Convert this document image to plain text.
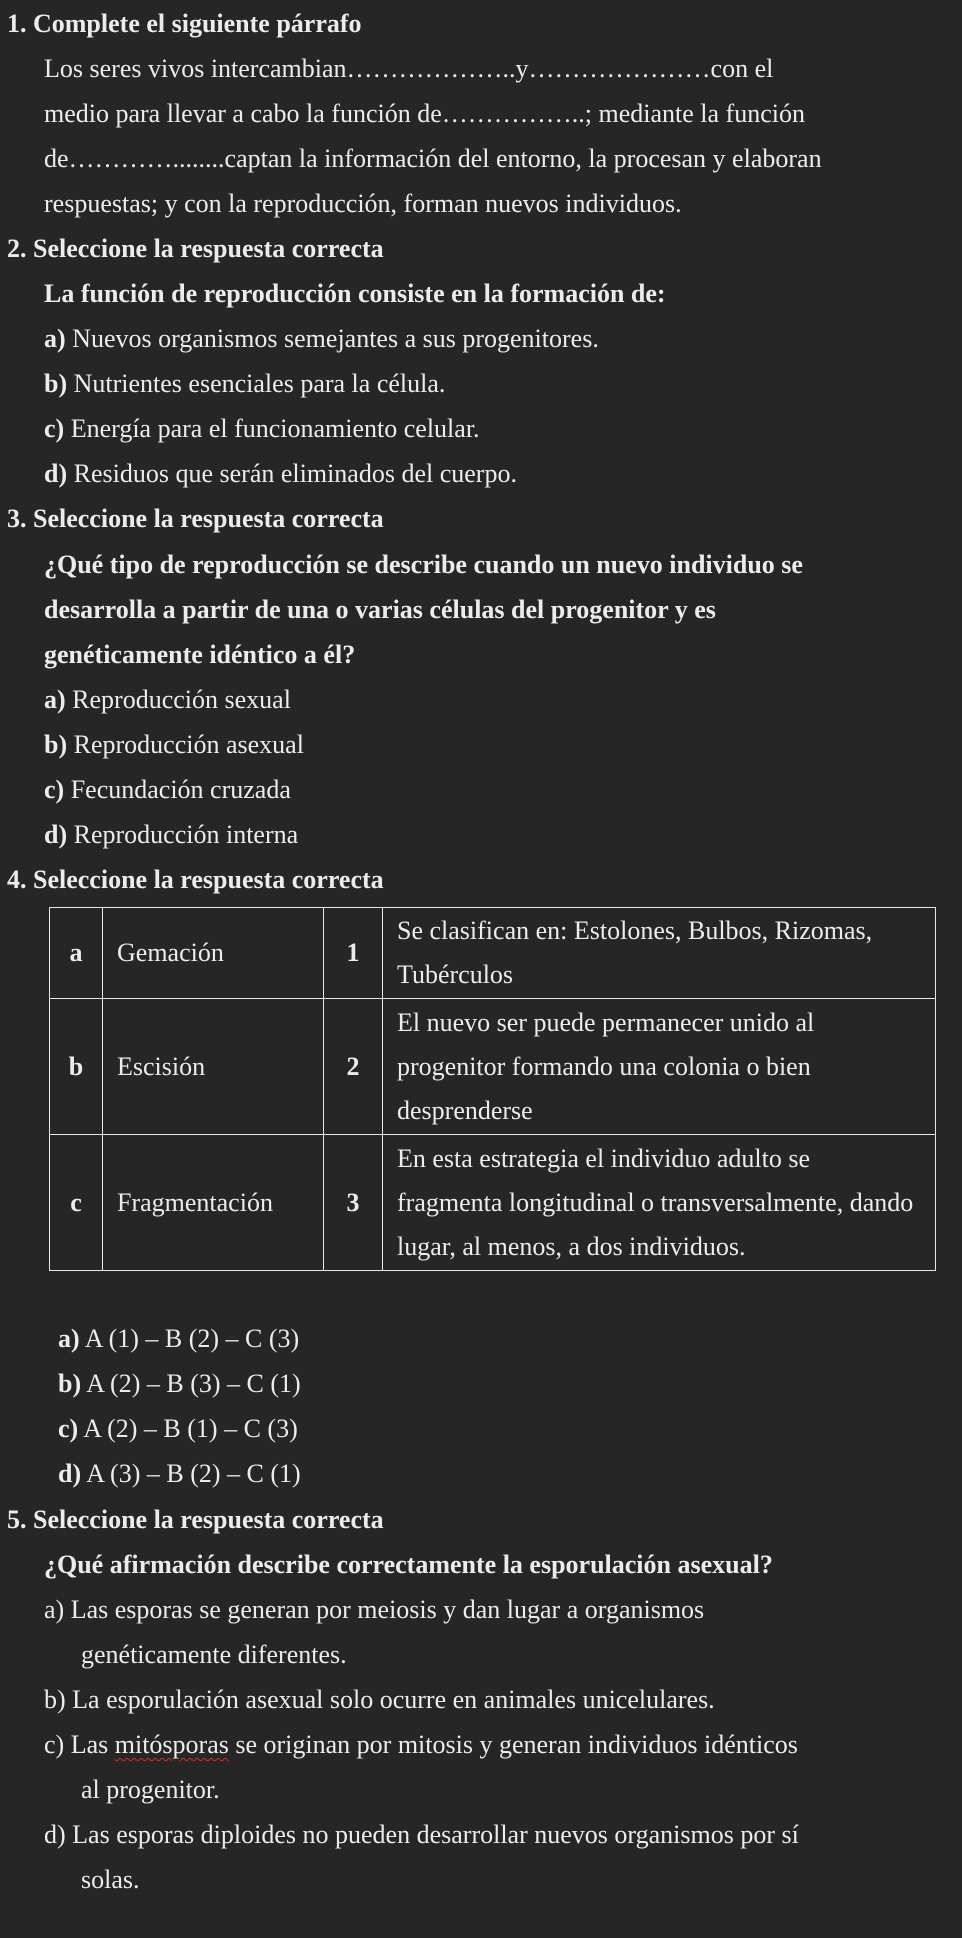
1. Complete el siguiente párrafo
Los seres vivos intercambian………………..y…………………con el
medio para llevar a cabo la función de……………..; mediante la función
de…………........captan la información del entorno, la procesan y elaboran
respuestas; y con la reproducción, forman nuevos individuos.
2. Seleccione la respuesta correcta
La función de reproducción consiste en la formación de:
a) Nuevos organismos semejantes a sus progenitores.
b) Nutrientes esenciales para la célula.
c) Energía para el funcionamiento celular.
d) Residuos que serán eliminados del cuerpo.
3. Seleccione la respuesta correcta
¿Qué tipo de reproducción se describe cuando un nuevo individuo se
desarrolla a partir de una o varias células del progenitor y es
genéticamente idéntico a él?
a) Reproducción sexual
b) Reproducción asexual
c) Fecundación cruzada
d) Reproducción interna
4. Seleccione la respuesta correcta
a	Gemación	1	Se clasifican en: Estolones, Bulbos, Rizomas, Tubérculos
b	Escisión	2	El nuevo ser puede permanecer unido al progenitor formando una colonia o bien desprenderse
c	Fragmentación	3	En esta estrategia el individuo adulto se fragmenta longitudinal o transversalmente, dando lugar, al menos, a dos individuos.
a) A (1) – B (2) – C (3)
b) A (2) – B (3) – C (1)
c) A (2) – B (1) – C (3)
d) A (3) – B (2) – C (1)
5. Seleccione la respuesta correcta
¿Qué afirmación describe correctamente la esporulación asexual?
a) Las esporas se generan por meiosis y dan lugar a organismos
genéticamente diferentes.
b) La esporulación asexual solo ocurre en animales unicelulares.
c) Las mitósporas se originan por mitosis y generan individuos idénticos
al progenitor.
d) Las esporas diploides no pueden desarrollar nuevos organismos por sí
solas.
